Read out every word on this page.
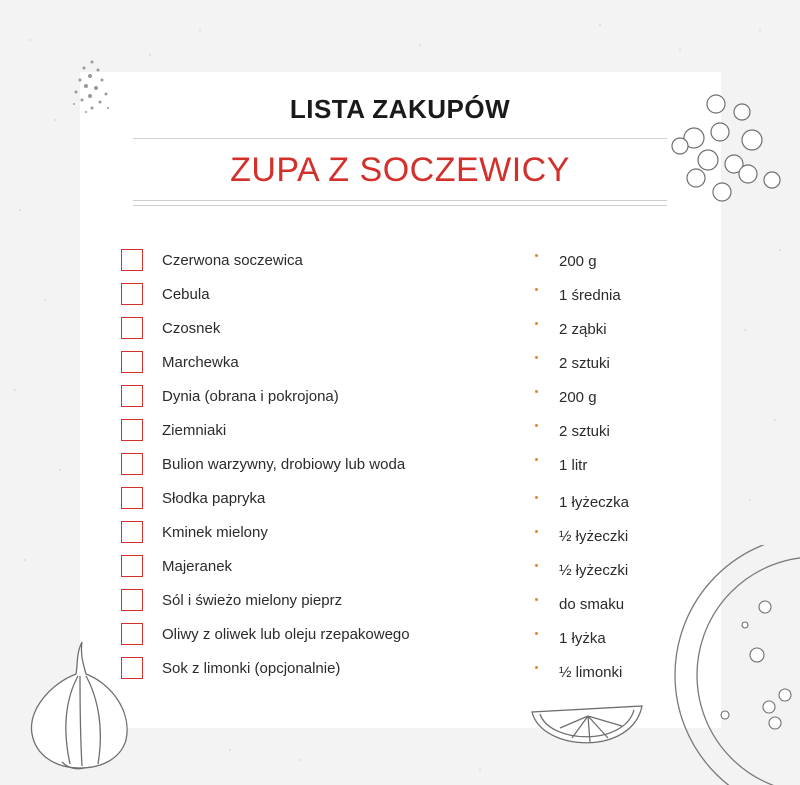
LISTA ZAKUPÓW
ZUPA Z SOCZEWICY
Czerwona soczewica	200 g
Cebula	1 średnia
Czosnek	2 ząbki
Marchewka	2 sztuki
Dynia (obrana i pokrojona)	200 g
Ziemniaki	2 sztuki
Bulion warzywny, drobiowy lub woda	1 litr
Słodka papryka	1 łyżeczka
Kminek mielony	½ łyżeczki
Majeranek	½ łyżeczki
Sól i świeżo mielony pieprz	do smaku
Oliwy z oliwek lub oleju rzepakowego	1 łyżka
Sok z limonki (opcjonalnie)	½ limonki
